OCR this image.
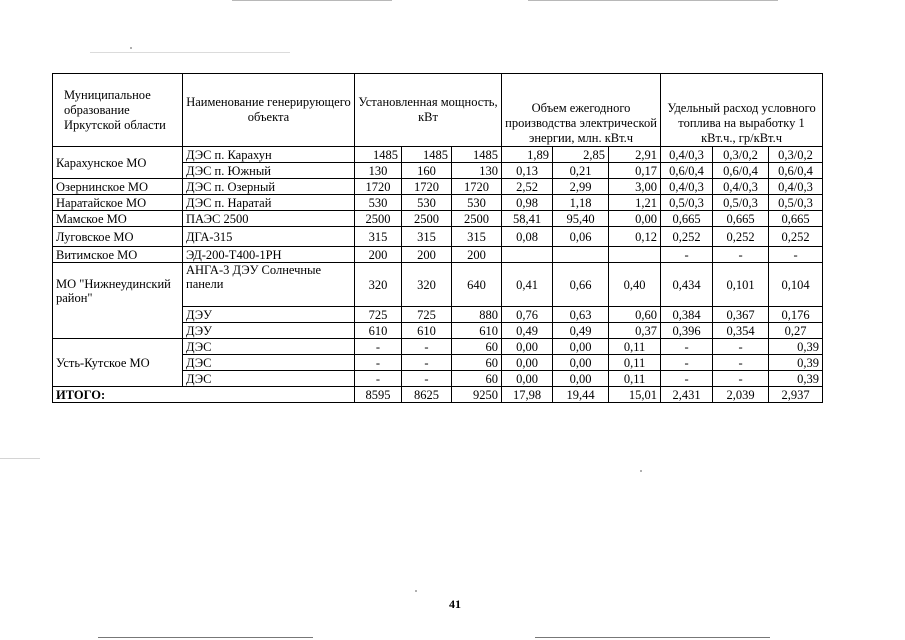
Муниципальное образование Иркутской области	Наименование генерирующего объекта	Установленная мощность, кВт			Объем ежегодного производства электрической энергии, млн. кВт.ч			Удельный расход условного топлива на выработку 1 кВт.ч., гр/кВт.ч		
Карахунское МО	ДЭС п. Карахун	1485	1485	1485	1,89	2,85	2,91	0,4/0,3	0,3/0,2	0,3/0,2
	ДЭС п. Южный	130	160	130	0,13	0,21	0,17	0,6/0,4	0,6/0,4	0,6/0,4
Озернинское МО	ДЭС п. Озерный	1720	1720	1720	2,52	2,99	3,00	0,4/0,3	0,4/0,3	0,4/0,3
Наратайское МО	ДЭС п. Наратай	530	530	530	0,98	1,18	1,21	0,5/0,3	0,5/0,3	0,5/0,3
Мамское МО	ПАЭС 2500	2500	2500	2500	58,41	95,40	0,00	0,665	0,665	0,665
Луговское МО	ДГА-315	315	315	315	0,08	0,06	0,12	0,252	0,252	0,252
Витимское МО	ЭД-200-Т400-1РН	200	200	200				-	-	-
МО "Нижнеудинский район"	АНГА-3 ДЭУ Солнечные панели	320	320	640	0,41	0,66	0,40	0,434	0,101	0,104
	ДЭУ	725	725	880	0,76	0,63	0,60	0,384	0,367	0,176
	ДЭУ	610	610	610	0,49	0,49	0,37	0,396	0,354	0,27
Усть-Кутское МО	ДЭС	-	-	60	0,00	0,00	0,11	-	-	0,39
	ДЭС	-	-	60	0,00	0,00	0,11	-	-	0,39
	ДЭС	-	-	60	0,00	0,00	0,11	-	-	0,39
ИТОГО:		8595	8625	9250	17,98	19,44	15,01	2,431	2,039	2,937
41
